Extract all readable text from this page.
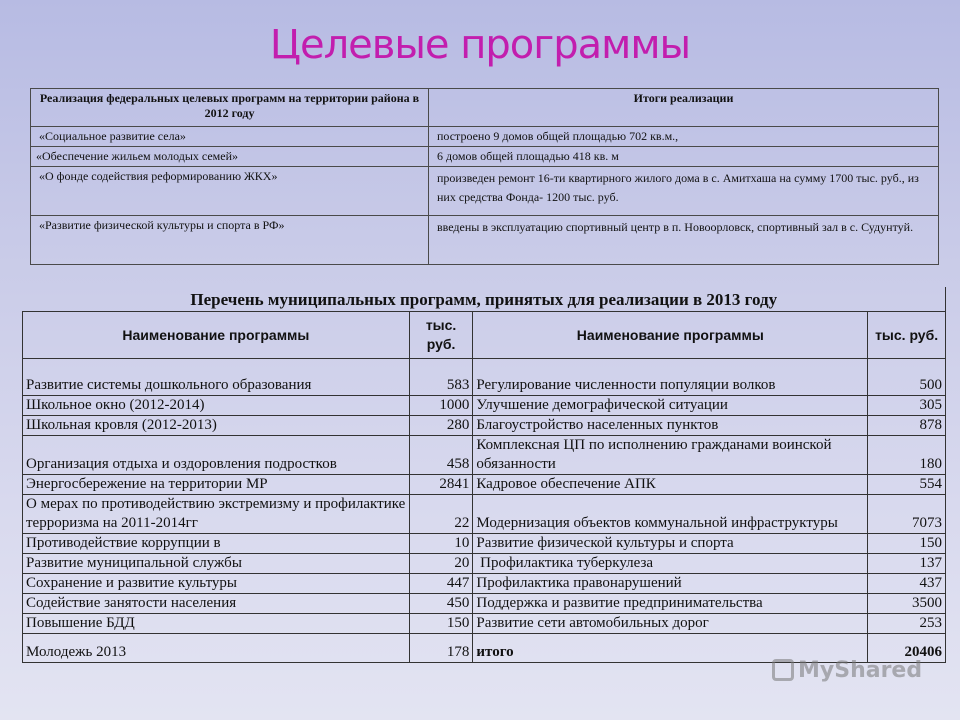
Целевые программы
Реализация федеральных целевых программ на территории района в 2012 году	Итоги реализации
«Социальное развитие села»	построено 9 домов общей площадью 702 кв.м.,
«Обеспечение жильем молодых семей»	6 домов общей площадью 418 кв. м
«О фонде содействия реформированию ЖКХ»	произведен ремонт 16-ти квартирного жилого дома в с. Амитхаша на сумму 1700 тыс. руб., из них средства Фонда- 1200 тыс. руб.
«Развитие физической культуры и спорта в РФ»	введены в эксплуатацию спортивный центр в п. Новоорловск, спортивный зал в с. Судунтуй.
Перечень муниципальных программ, принятых для реализации в 2013 году			
Наименование программы	тыс. руб.	Наименование программы	тыс. руб.
Развитие системы дошкольного образования	583	Регулирование численности популяции волков	500
Школьное окно (2012-2014)	1000	Улучшение демографической ситуации	305
Школьная кровля (2012-2013)	280	Благоустройство населенных пунктов	878
Организация отдыха и оздоровления подростков	458	Комплексная ЦП по исполнению гражданами воинской обязанности	180
Энергосбережение на территории МР	2841	Кадровое обеспечение АПК	554
О мерах по противодействию экстремизму и профилактике терроризма на 2011-2014гг	22	Модернизация объектов коммунальной инфраструктуры	7073
Противодействие коррупции в	10	Развитие физической культуры и спорта	150
Развитие муниципальной службы	20	Профилактика туберкулеза	137
Сохранение и развитие культуры	447	Профилактика правонарушений	437
Содействие занятости населения	450	Поддержка и развитие предпринимательства	3500
Повышение БДД	150	Развитие сети автомобильных дорог	253
Молодежь 2013	178	итого	20406
MyShared
